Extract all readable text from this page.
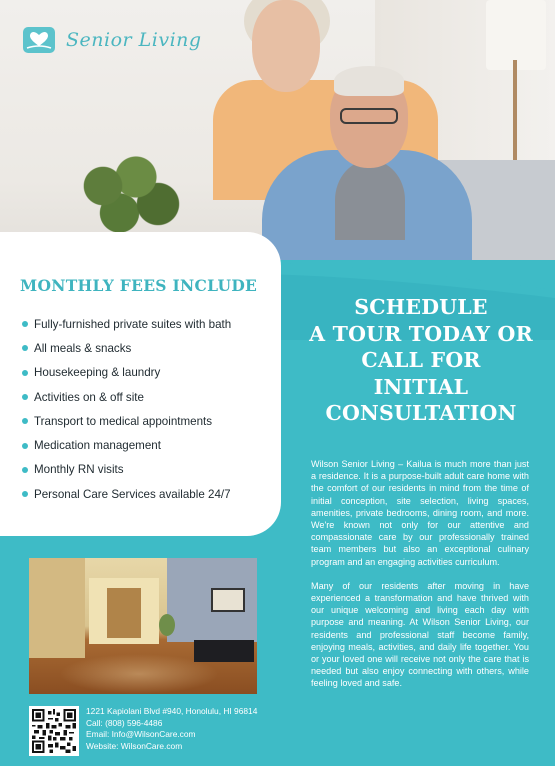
Senior Living
MONTHLY FEES INCLUDE
Fully-furnished private suites with bath
All meals & snacks
Housekeeping & laundry
Activities on & off site
Transport to medical appointments
Medication management
Monthly RN visits
Personal Care Services available 24/7
SCHEDULE
A TOUR TODAY OR
CALL FOR
INITIAL
CONSULTATION

Wilson Senior Living – Kailua is much more than just a residence. It is a purpose-built adult care home with the comfort of our residents in mind from the time of initial conception, site selection, living spaces, amenities, private bedrooms, dining room, and more. We're known not only for our attentive and compassionate care by our professionally trained team members but also an exceptional culinary program and an engaging activities curriculum.

Many of our residents after moving in have experienced a transformation and have thrived with our unique welcoming and living each day with purpose and meaning. At Wilson Senior Living, our residents and professional staff become family, enjoying meals, activities, and daily life together. You or your loved one will receive not only the care that is needed but also enjoy connecting with others, while feeling loved and safe.

1221 Kapiolani Blvd #940, Honolulu, HI 96814
Call: (808) 596-4486
Email: Info@WilsonCare.com
Website: WilsonCare.com
